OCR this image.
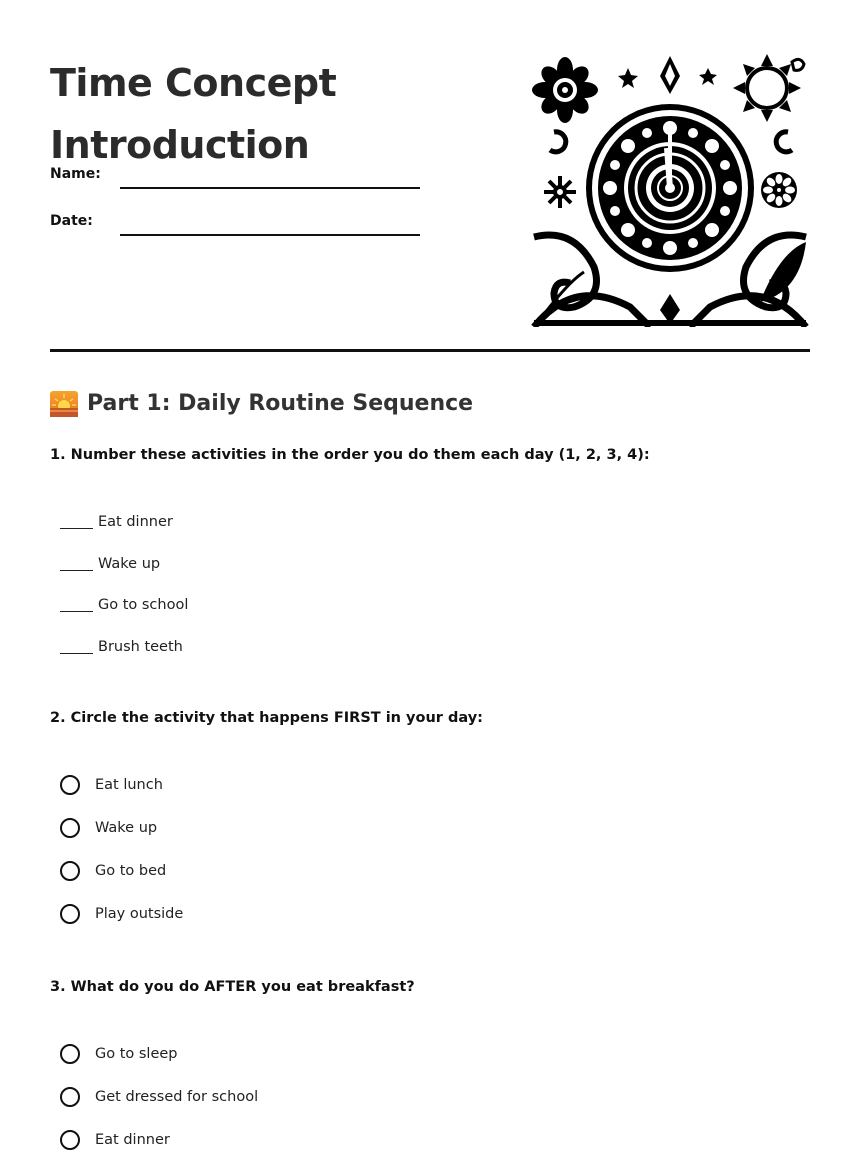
Time Concept
Introduction
Name:
Date:
Part 1: Daily Routine Sequence

1. Number these activities in the order you do them each day (1, 2, 3, 4):

Eat dinner
Wake up
Go to school
Brush teeth

2. Circle the activity that happens FIRST in your day:

Eat lunch
Wake up
Go to bed
Play outside

3. What do you do AFTER you eat breakfast?

Go to sleep
Get dressed for school
Eat dinner
